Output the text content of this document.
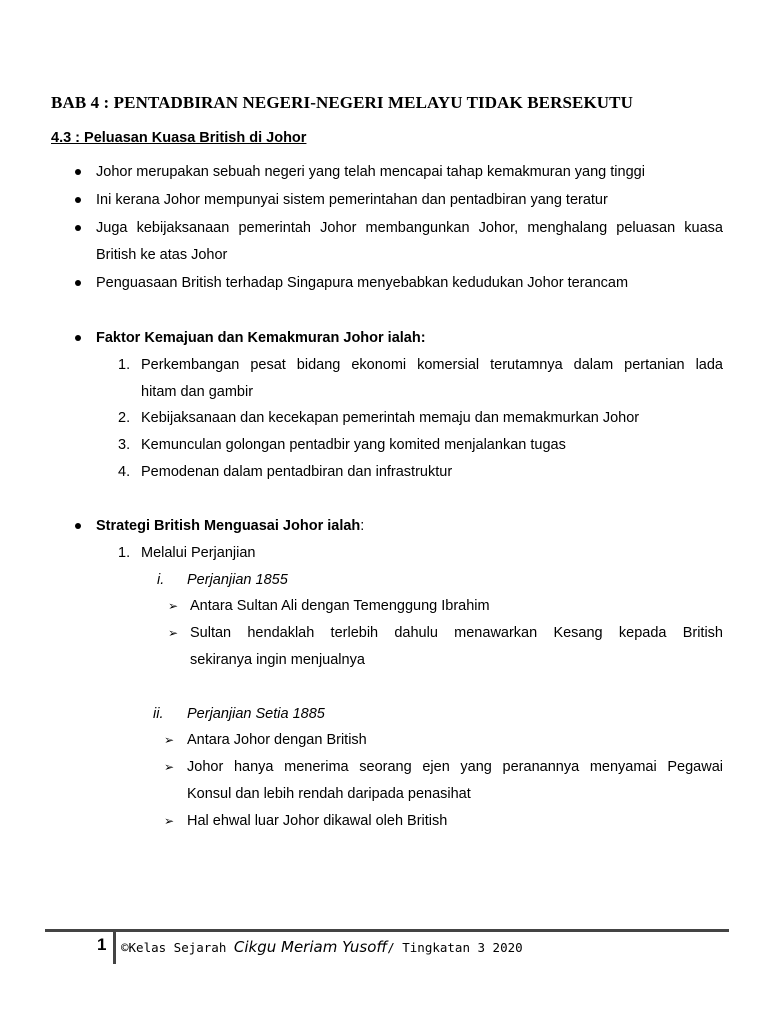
BAB 4 : PENTADBIRAN NEGERI-NEGERI MELAYU TIDAK BERSEKUTU
4.3 : Peluasan Kuasa British di Johor
Johor merupakan sebuah negeri yang telah mencapai tahap kemakmuran yang tinggi
Ini kerana Johor mempunyai sistem pemerintahan dan pentadbiran yang teratur
Juga kebijaksanaan pemerintah Johor membangunkan Johor, menghalang peluasan kuasa
British ke atas Johor
Penguasaan British terhadap Singapura menyebabkan kedudukan Johor terancam
Faktor Kemajuan dan Kemakmuran Johor ialah:
1. Perkembangan pesat bidang ekonomi komersial terutamnya dalam pertanian lada
hitam dan gambir
2. Kebijaksanaan dan kecekapan pemerintah memaju dan memakmurkan Johor
3. Kemunculan golongan pentadbir yang komited menjalankan tugas
4. Pemodenan dalam pentadbiran dan infrastruktur
Strategi British Menguasai Johor ialah:
1. Melalui Perjanjian
i. Perjanjian 1855
➢ Antara Sultan Ali dengan Temenggung Ibrahim
➢ Sultan hendaklah terlebih dahulu menawarkan Kesang kepada British
sekiranya ingin menjualnya
ii. Perjanjian Setia 1885
➢ Antara Johor dengan British
➢ Johor hanya menerima seorang ejen yang peranannya menyamai Pegawai
Konsul dan lebih rendah daripada penasihat
➢ Hal ehwal luar Johor dikawal oleh British
1 ©Kelas Sejarah Cikgu Meriam Yusoff/ Tingkatan 3 2020
